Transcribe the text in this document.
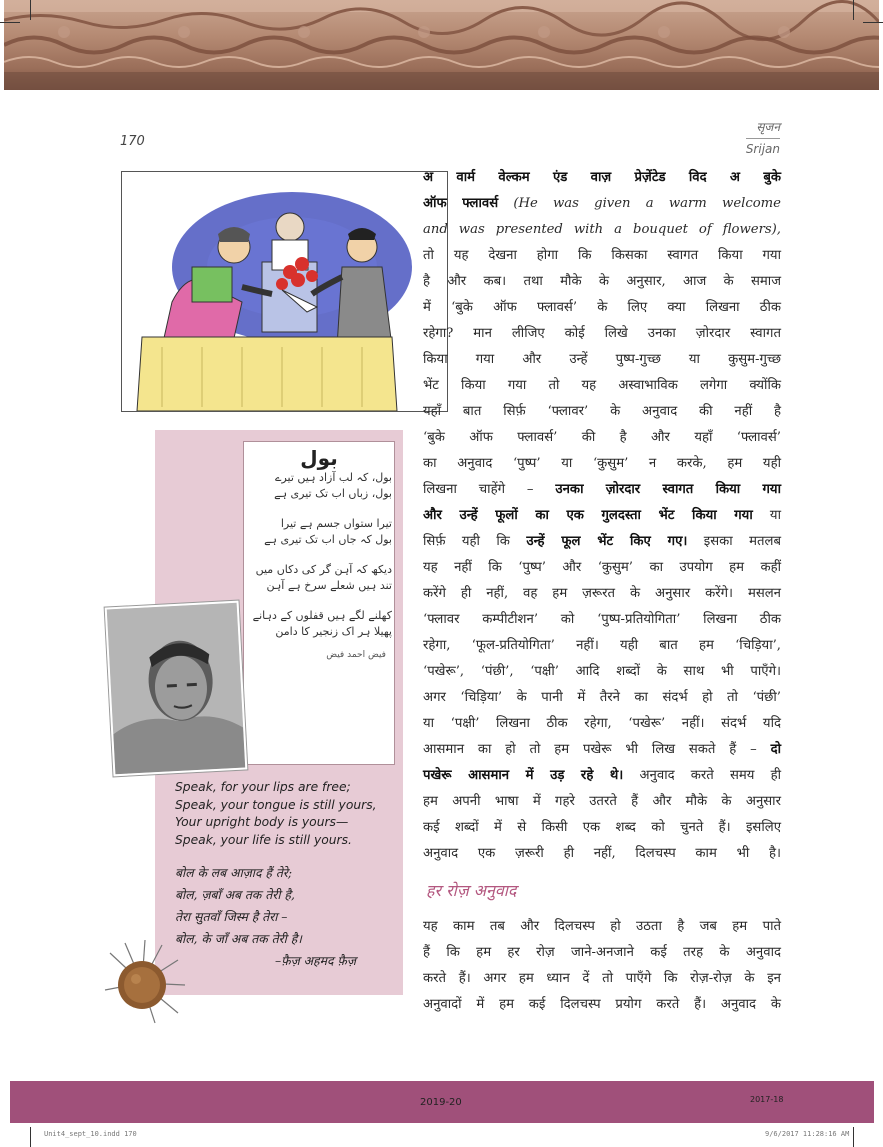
170
सृजन
Srijan
بول
بول، کہ لب آزاد ہیں تیرے
بول، زباں اب تک تیری ہے
تیرا ستواں جسم ہے تیرا
بول کہ جاں اب تک تیری ہے
دیکھ کہ آہن گر کی دکاں میں
تند ہیں شعلے سرخ ہے آہن
کھلنے لگے ہیں قفلوں کے دہانے
پھیلا ہر اک زنجیر کا دامن
فیض احمد فیض
Speak, for your lips are free;
Speak, your tongue is still yours,
Your upright body is yours—
Speak, your life is still yours.
बोल के लब आज़ाद हैं तेरे;
बोल, ज़बाँ अब तक तेरी है,
तेरा सुतवाँ जिस्म है तेरा –
बोल, के जाँ अब तक तेरी है।
–फ़ैज़ अहमद फ़ैज़
अ वार्म वेल्कम एंड वाज़ प्रेज़ेंटेड विद अ बुके
ऑफ फ्लावर्स (He was given a warm welcome
and was presented with a bouquet of flowers),
तो यह देखना होगा कि किसका स्वागत किया गया
है और कब। तथा मौके के अनुसार, आज के समाज
में ‘बुके ऑफ फ्लावर्स’ के लिए क्या लिखना ठीक
रहेगा? मान लीजिए कोई लिखे उनका ज़ोरदार स्वागत
किया गया और उन्हें पुष्प-गुच्छ या कुसुम-गुच्छ
भेंट किया गया तो यह अस्वाभाविक लगेगा क्योंकि
यहाँ बात सिर्फ़ ‘फ्लावर’ के अनुवाद की नहीं है
‘बुके ऑफ फ्लावर्स’ की है और यहाँ ‘फ्लावर्स’
का अनुवाद ‘पुष्प’ या ‘कुसुम’ न करके, हम यही
लिखना चाहेंगे – उनका ज़ोरदार स्वागत किया गया
और उन्हें फूलों का एक गुलदस्ता भेंट किया गया या
सिर्फ़ यही कि उन्हें फूल भेंट किए गए। इसका मतलब
यह नहीं कि ‘पुष्प’ और ‘कुसुम’ का उपयोग हम कहीं
करेंगे ही नहीं, वह हम ज़रूरत के अनुसार करेंगे। मसलन
‘फ्लावर कम्पीटीशन’ को ‘पुष्प-प्रतियोगिता’ लिखना ठीक
रहेगा, ‘फूल-प्रतियोगिता’ नहीं। यही बात हम ‘चिड़िया’,
‘पखेरू’, ‘पंछी’, ‘पक्षी’ आदि शब्दों के साथ भी पाएँगे।
अगर ‘चिड़िया’ के पानी में तैरने का संदर्भ हो तो ‘पंछी’
या ‘पक्षी’ लिखना ठीक रहेगा, ‘पखेरू’ नहीं। संदर्भ यदि
आसमान का हो तो हम पखेरू भी लिख सकते हैं – दो
पखेरू आसमान में उड़ रहे थे। अनुवाद करते समय ही
हम अपनी भाषा में गहरे उतरते हैं और मौके के अनुसार
कई शब्दों में से किसी एक शब्द को चुनते हैं। इसलिए
अनुवाद एक ज़रूरी ही नहीं, दिलचस्प काम भी है।
हर रोज़ अनुवाद
यह काम तब और दिलचस्प हो उठता है जब हम पाते
हैं कि हम हर रोज़ जाने-अनजाने कई तरह के अनुवाद
करते हैं। अगर हम ध्यान दें तो पाएँगे कि रोज़-रोज़ के इन
अनुवादों में हम कई दिलचस्प प्रयोग करते हैं। अनुवाद के
2019-20	2017-18
Unit4_sept_10.indd 170	9/6/2017 11:28:16 AM
